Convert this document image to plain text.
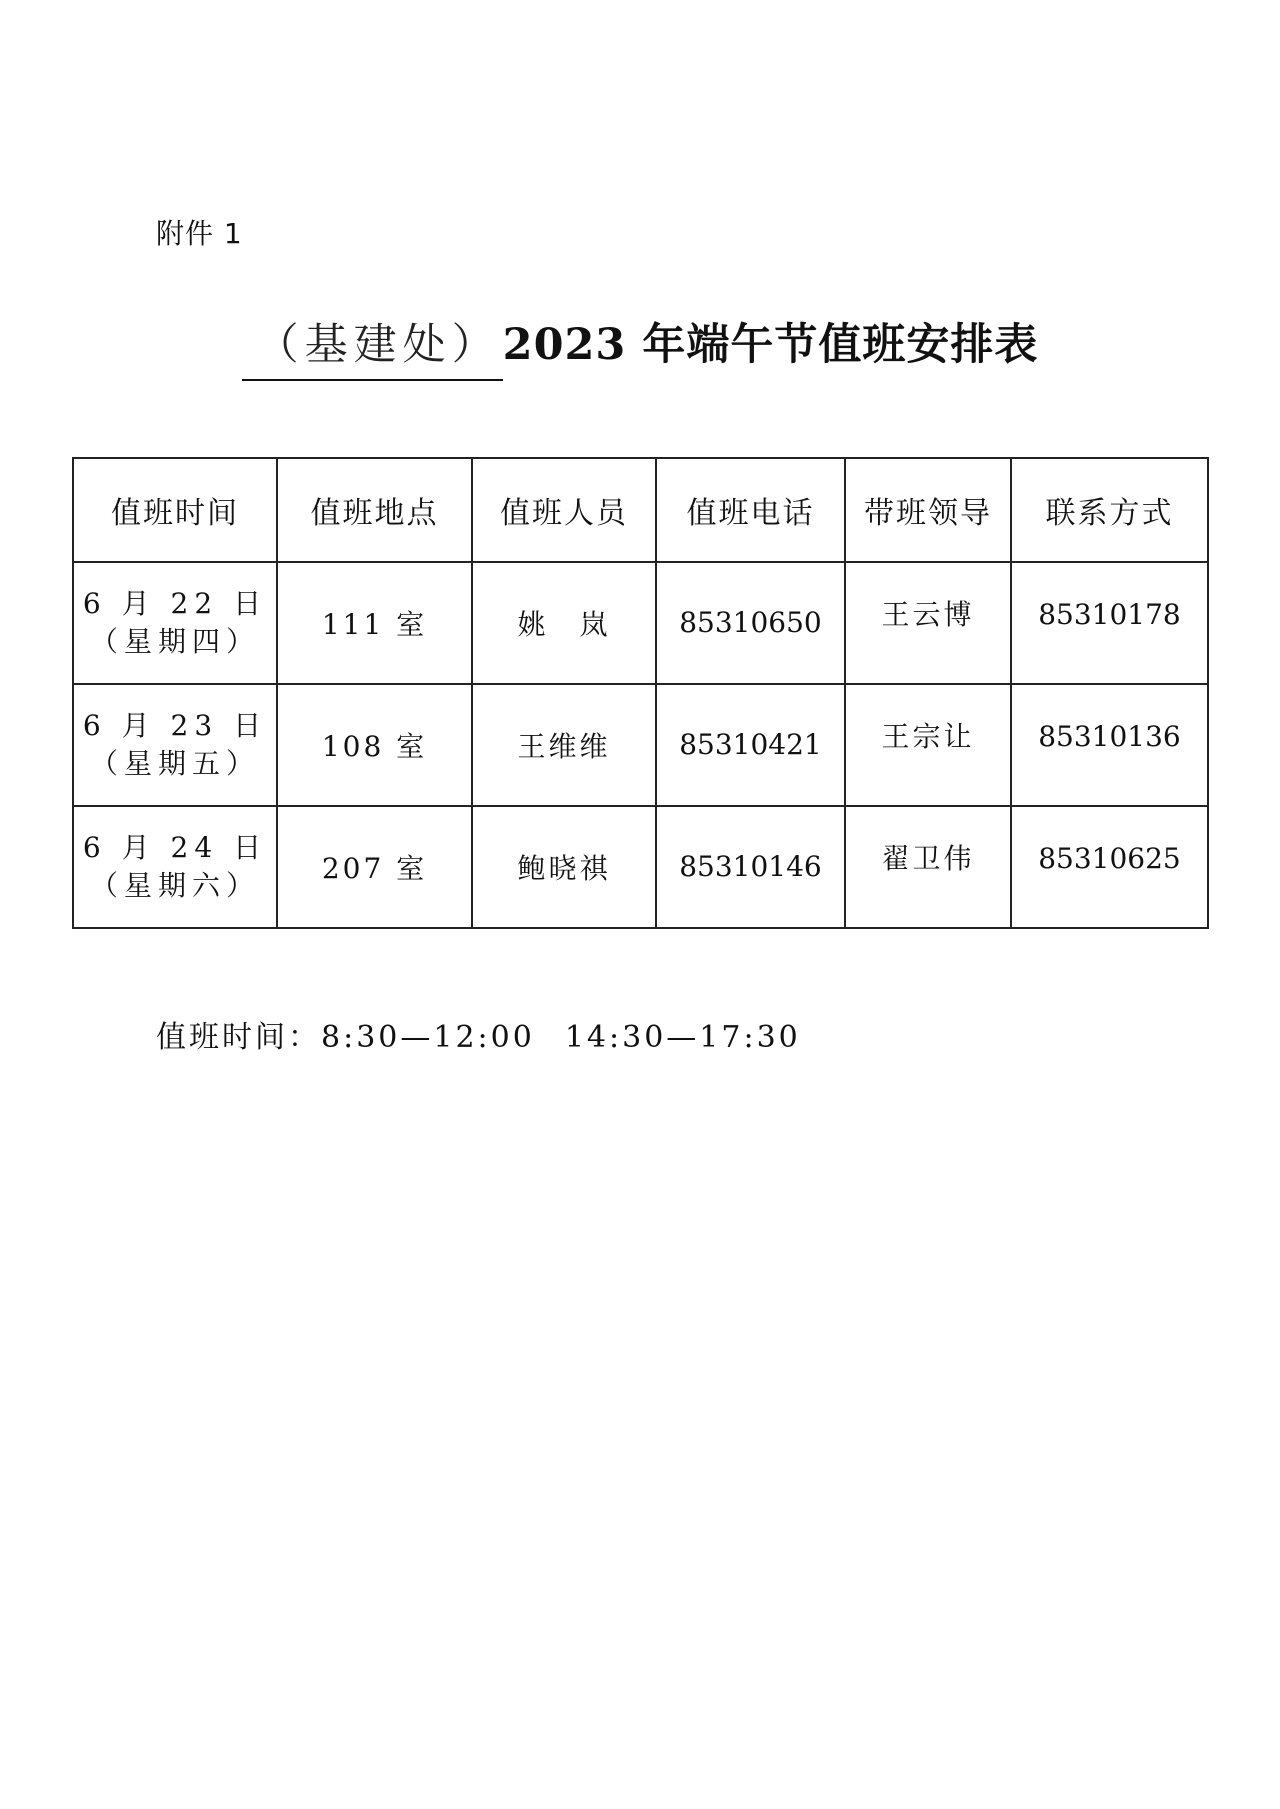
附件 1
（基建处）2023 年端午节值班安排表
值班时间	值班地点	值班人员	值班电话	带班领导	联系方式

6 月 22 日
（星期四）	111 室	姚　岚	85310650	王云博	85310178

6 月 23 日
（星期五）	108 室	王维维	85310421	王宗让	85310136

6 月 24 日
（星期六）	207 室	鲍晓祺	85310146	翟卫伟	85310625
值班时间：8:30—12:00 14:30—17:30
